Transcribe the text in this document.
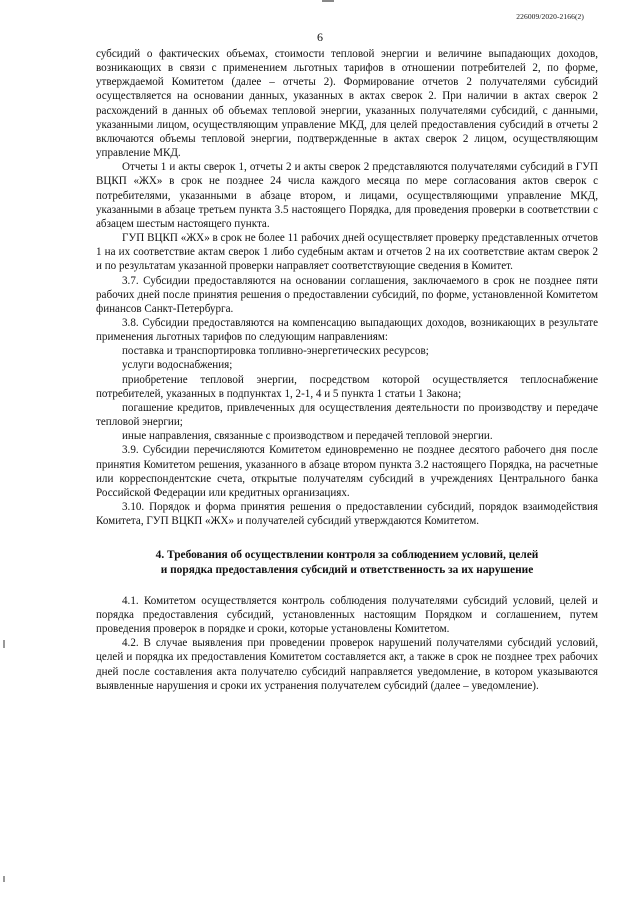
226009/2020-2166(2)
6

субсидий о фактических объемах, стоимости тепловой энергии и величине выпадающих доходов, возникающих в связи с применением льготных тарифов в отношении потребителей 2, по форме, утверждаемой Комитетом (далее – отчеты 2). Формирование отчетов 2 получателями субсидий осуществляется на основании данных, указанных в актах сверок 2. При наличии в актах сверок 2 расхождений в данных об объемах тепловой энергии, указанных получателями субсидий, с данными, указанными лицом, осуществляющим управление МКД, для целей предоставления субсидий в отчеты 2 включаются объемы тепловой энергии, подтвержденные в актах сверок 2 лицом, осуществляющим управление МКД.

Отчеты 1 и акты сверок 1, отчеты 2 и акты сверок 2 представляются получателями субсидий в ГУП ВЦКП «ЖХ» в срок не позднее 24 числа каждого месяца по мере согласования актов сверок с потребителями, указанными в абзаце втором, и лицами, осуществляющими управление МКД, указанными в абзаце третьем пункта 3.5 настоящего Порядка, для проведения проверки в соответствии с абзацем шестым настоящего пункта.

ГУП ВЦКП «ЖХ» в срок не более 11 рабочих дней осуществляет проверку представленных отчетов 1 на их соответствие актам сверок 1 либо судебным актам и отчетов 2 на их соответствие актам сверок 2 и по результатам указанной проверки направляет соответствующие сведения в Комитет.

3.7. Субсидии предоставляются на основании соглашения, заключаемого в срок не позднее пяти рабочих дней после принятия решения о предоставлении субсидий, по форме, установленной Комитетом финансов Санкт-Петербурга.

3.8. Субсидии предоставляются на компенсацию выпадающих доходов, возникающих в результате применения льготных тарифов по следующим направлениям:

поставка и транспортировка топливно-энергетических ресурсов;

услуги водоснабжения;

приобретение тепловой энергии, посредством которой осуществляется теплоснабжение потребителей, указанных в подпунктах 1, 2-1, 4 и 5 пункта 1 статьи 1 Закона;

погашение кредитов, привлеченных для осуществления деятельности по производству и передаче тепловой энергии;

иные направления, связанные с производством и передачей тепловой энергии.

3.9. Субсидии перечисляются Комитетом единовременно не позднее десятого рабочего дня после принятия Комитетом решения, указанного в абзаце втором пункта 3.2 настоящего Порядка, на расчетные или корреспондентские счета, открытые получателям субсидий в учреждениях Центрального банка Российской Федерации или кредитных организациях.

3.10. Порядок и форма принятия решения о предоставлении субсидий, порядок взаимодействия Комитета, ГУП ВЦКП «ЖХ» и получателей субсидий утверждаются Комитетом.

4. Требования об осуществлении контроля за соблюдением условий, целей
и порядка предоставления субсидий и ответственность за их нарушение

4.1. Комитетом осуществляется контроль соблюдения получателями субсидий условий, целей и порядка предоставления субсидий, установленных настоящим Порядком и соглашением, путем проведения проверок в порядке и сроки, которые установлены Комитетом.

4.2. В случае выявления при проведении проверок нарушений получателями субсидий условий, целей и порядка их предоставления Комитетом составляется акт, а также в срок не позднее трех рабочих дней после составления акта получателю субсидий направляется уведомление, в котором указываются выявленные нарушения и сроки их устранения получателем субсидий (далее – уведомление).
